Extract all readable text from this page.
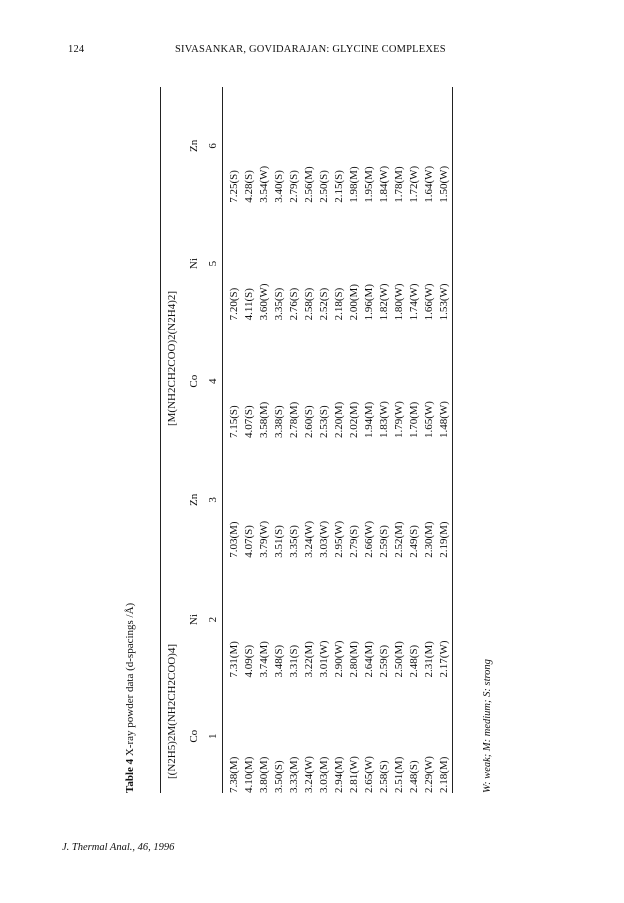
124	SIVASANKAR, GOVIDARAJAN: GLYCINE COMPLEXES
Table 4 X-ray powder data (d-spacings /Å)	[(N2H5)2M(NH2CH2COO)4]			[M(NH2CH2COO)2(N2H4)2]		
Co	Ni	Zn	Co	Ni	Zn
1	2	3	4	5	6
7.38(M)	7.31(M)	7.03(M)	7.15(S)	7.20(S)	7.25(S)
4.10(M)	4.09(S)	4.07(S)	4.07(S)	4.11(S)	4.28(S)
3.80(M)	3.74(M)	3.79(W)	3.58(M)	3.60(W)	3.54(W)
3.50(S)	3.48(S)	3.51(S)	3.38(S)	3.35(S)	3.40(S)
3.33(M)	3.31(S)	3.35(S)	2.78(M)	2.76(S)	2.79(S)
3.24(W)	3.22(M)	3.24(W)	2.60(S)	2.58(S)	2.56(M)
3.03(M)	3.01(W)	3.03(W)	2.53(S)	2.52(S)	2.50(S)
2.94(M)	2.90(W)	2.95(W)	2.20(M)	2.18(S)	2.15(S)
2.81(W)	2.80(M)	2.79(S)	2.02(M)	2.00(M)	1.98(M)
2.65(W)	2.64(M)	2.66(W)	1.94(M)	1.96(M)	1.95(M)
2.58(S)	2.59(S)	2.59(S)	1.83(W)	1.82(W)	1.84(W)
2.51(M)	2.50(M)	2.52(M)	1.79(W)	1.80(W)	1.78(M)
2.48(S)	2.48(S)	2.49(S)	1.70(M)	1.74(W)	1.72(W)
2.29(W)	2.31(M)	2.30(M)	1.65(W)	1.66(W)	1.64(W)
2.18(M)	2.17(W)	2.19(M)	1.48(W)	1.53(W)	1.50(W)
W: weak; M: medium; S: strong
J. Thermal Anal., 46, 1996
